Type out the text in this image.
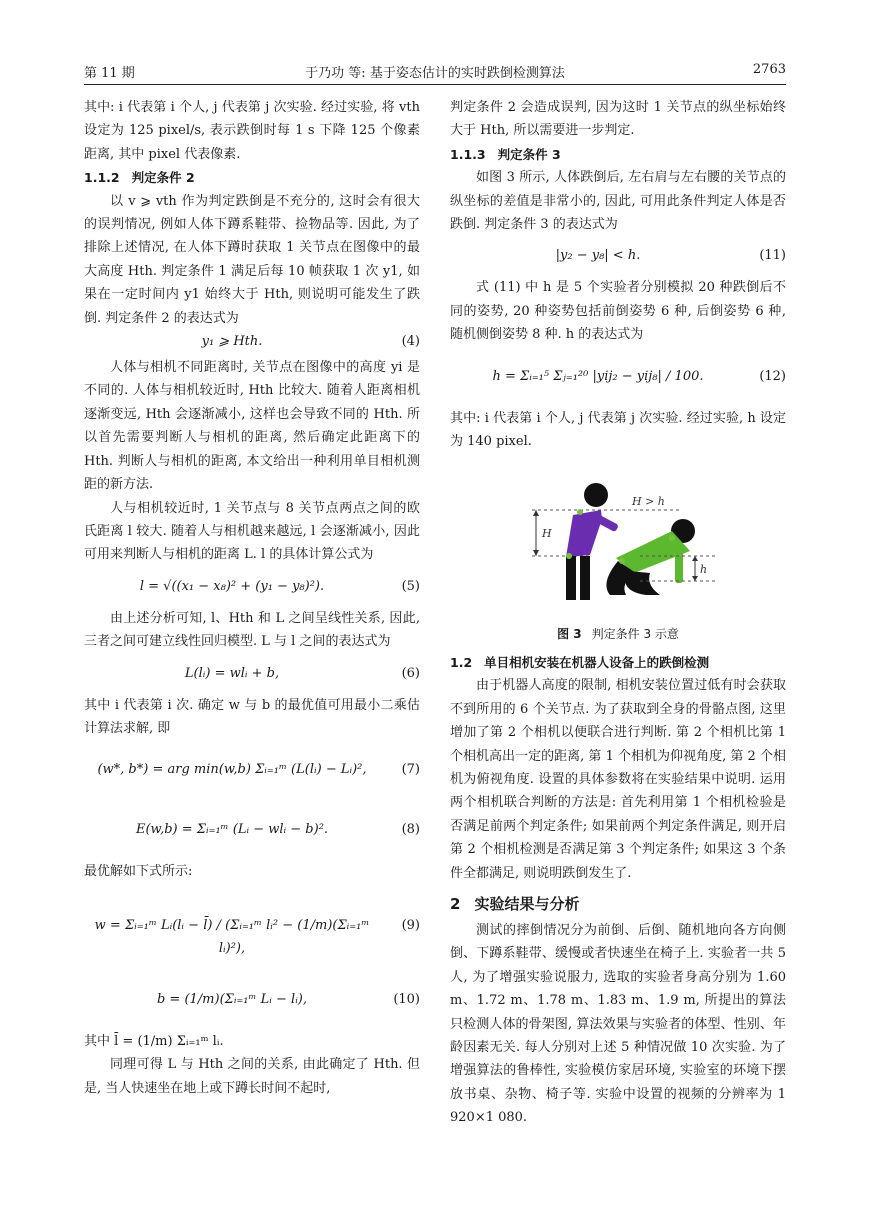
第 11 期	于乃功 等: 基于姿态估计的实时跌倒检测算法	2763

其中: i 代表第 i 个人, j 代表第 j 次实验. 经过实验, 将 vth 设定为 125 pixel/s, 表示跌倒时每 1 s 下降 125 个像素距离, 其中 pixel 代表像素.

1.1.2 判定条件 2

以 v ⩾ vth 作为判定跌倒是不充分的, 这时会有很大的误判情况, 例如人体下蹲系鞋带、捡物品等. 因此, 为了排除上述情况, 在人体下蹲时获取 1 关节点在图像中的最大高度 Hth. 判定条件 1 满足后每 10 帧获取 1 次 y1, 如果在一定时间内 y1 始终大于 Hth, 则说明可能发生了跌倒. 判定条件 2 的表达式为

y₁ ⩾ Hth.	(4)

人体与相机不同距离时, 关节点在图像中的高度 yi 是不同的. 人体与相机较近时, Hth 比较大. 随着人距离相机逐渐变远, Hth 会逐渐减小, 这样也会导致不同的 Hth. 所以首先需要判断人与相机的距离, 然后确定此距离下的 Hth. 判断人与相机的距离, 本文给出一种利用单目相机测距的新方法.

人与相机较近时, 1 关节点与 8 关节点两点之间的欧氏距离 l 较大. 随着人与相机越来越远, l 会逐渐减小, 因此可用来判断人与相机的距离 L. l 的具体计算公式为

l = √((x₁ − x₈)² + (y₁ − y₈)²).	(5)

由上述分析可知, l、Hth 和 L 之间呈线性关系, 因此, 三者之间可建立线性回归模型. L 与 l 之间的表达式为

L(lᵢ) = wlᵢ + b,	(6)

其中 i 代表第 i 次. 确定 w 与 b 的最优值可用最小二乘估计算法求解, 即

(w*, b*) = arg min(w,b) Σᵢ₌₁ᵐ (L(lᵢ) − Lᵢ)²,	(7)
E(w,b) = Σᵢ₌₁ᵐ (Lᵢ − wlᵢ − b)².	(8)

最优解如下式所示:

w = Σᵢ₌₁ᵐ Lᵢ(lᵢ − l̄) / (Σᵢ₌₁ᵐ lᵢ² − (1/m)(Σᵢ₌₁ᵐ lᵢ)²),
(9)
b = (1/m)(Σᵢ₌₁ᵐ Lᵢ − lᵢ),	(10)

其中 l̄ = (1/m) Σᵢ₌₁ᵐ lᵢ.

同理可得 L 与 Hth 之间的关系, 由此确定了 Hth. 但是, 当人快速坐在地上或下蹲长时间不起时,

判定条件 2 会造成误判, 因为这时 1 关节点的纵坐标始终大于 Hth, 所以需要进一步判定.

1.1.3 判定条件 3

如图 3 所示, 人体跌倒后, 左右肩与左右腰的关节点的纵坐标的差值是非常小的, 因此, 可用此条件判定人体是否跌倒. 判定条件 3 的表达式为

|y₂ − y₈| < h.	(11)

式 (11) 中 h 是 5 个实验者分别模拟 20 种跌倒后不同的姿势, 20 种姿势包括前倒姿势 6 种, 后倒姿势 6 种, 随机侧倒姿势 8 种. h 的表达式为

h = Σᵢ₌₁⁵ Σⱼ₌₁²⁰ |yij₂ − yij₈| / 100.	(12)

其中: i 代表第 i 个人, j 代表第 j 次实验. 经过实验, h 设定为 140 pixel.

H
H > h
h

图 3 判定条件 3 示意

1.2 单目相机安装在机器人设备上的跌倒检测

由于机器人高度的限制, 相机安装位置过低有时会获取不到所用的 6 个关节点. 为了获取到全身的骨骼点图, 这里增加了第 2 个相机以便联合进行判断. 第 2 个相机比第 1 个相机高出一定的距离, 第 1 个相机为仰视角度, 第 2 个相机为俯视角度. 设置的具体参数将在实验结果中说明. 运用两个相机联合判断的方法是: 首先利用第 1 个相机检验是否满足前两个判定条件; 如果前两个判定条件满足, 则开启第 2 个相机检测是否满足第 3 个判定条件; 如果这 3 个条件全都满足, 则说明跌倒发生了.

2 实验结果与分析

测试的摔倒情况分为前倒、后倒、随机地向各方向侧倒、下蹲系鞋带、缓慢或者快速坐在椅子上. 实验者一共 5 人, 为了增强实验说服力, 选取的实验者身高分别为 1.60 m、1.72 m、1.78 m、1.83 m、1.9 m, 所提出的算法只检测人体的骨架图, 算法效果与实验者的体型、性别、年龄因素无关. 每人分别对上述 5 种情况做 10 次实验. 为了增强算法的鲁棒性, 实验模仿家居环境, 实验室的环境下摆放书桌、杂物、椅子等. 实验中设置的视频的分辨率为 1 920×1 080.
